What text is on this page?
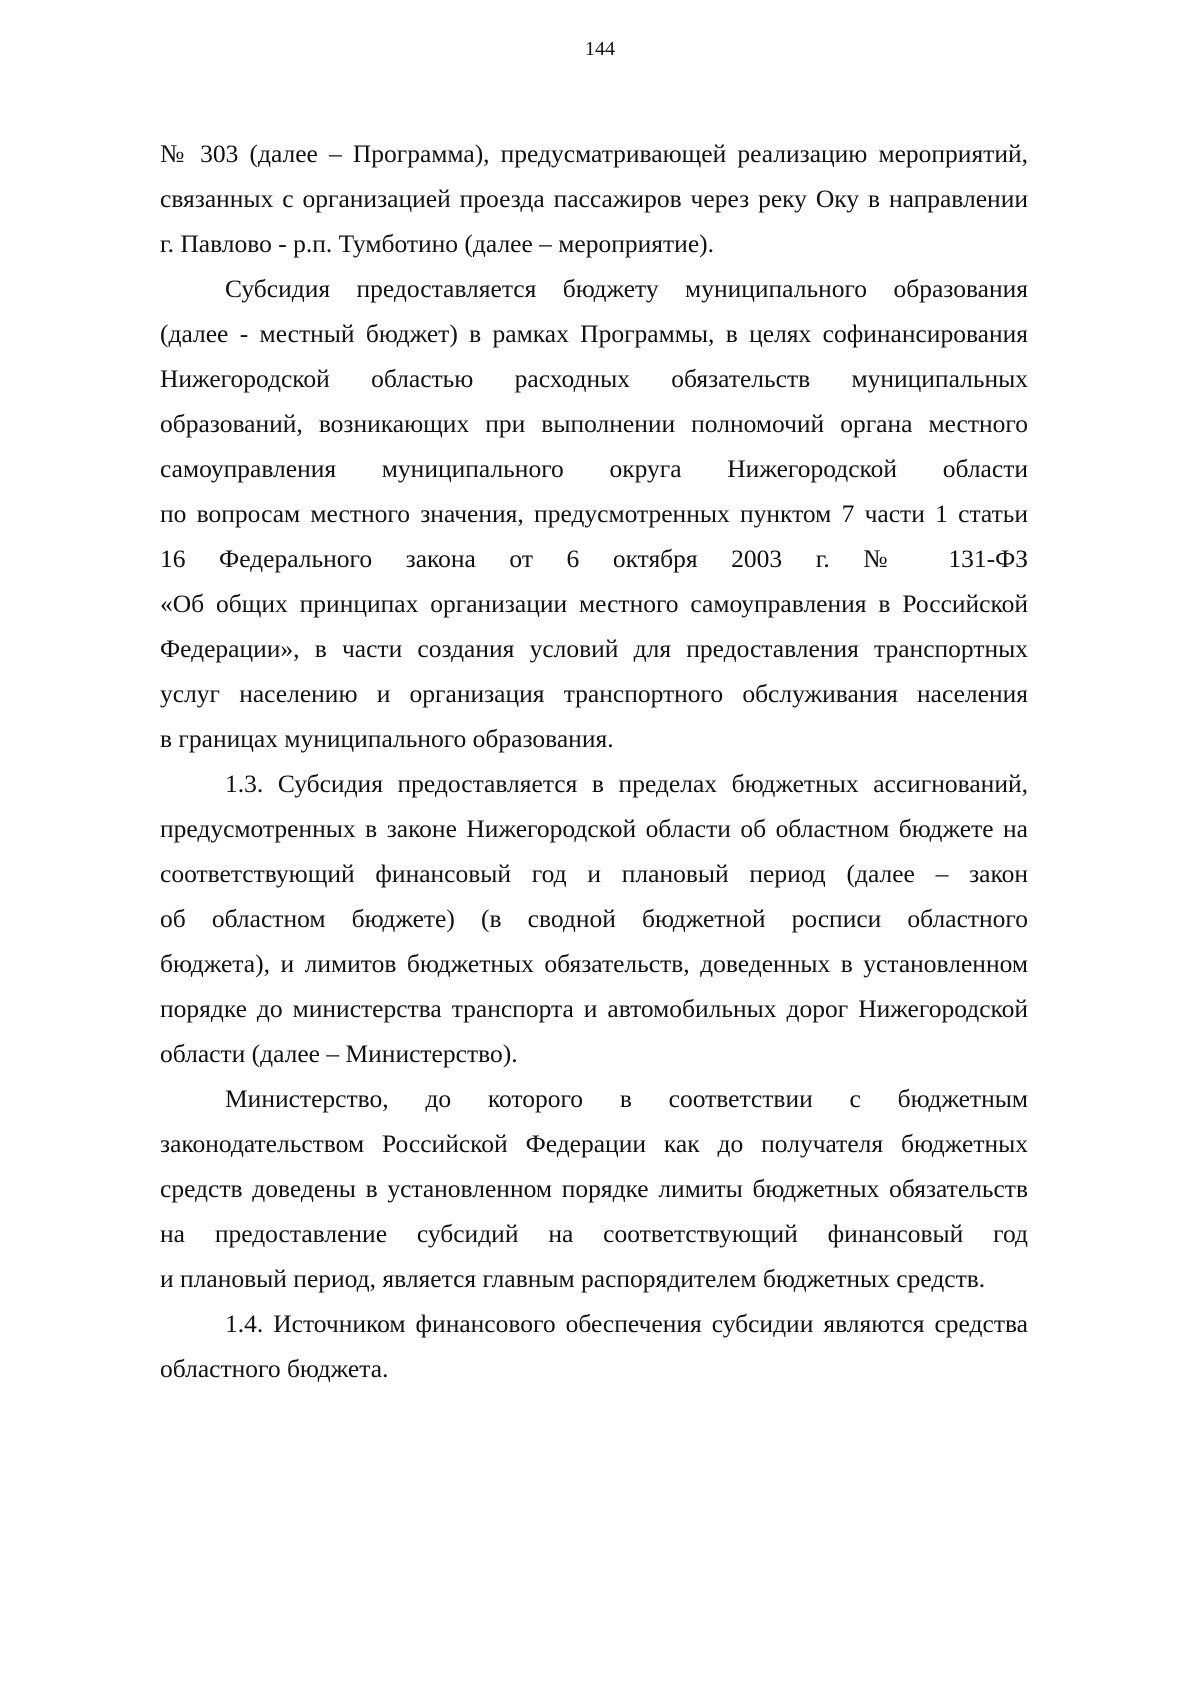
144
№ 303 (далее – Программа), предусматривающей реализацию мероприятий,
связанных с организацией проезда пассажиров через реку Оку в направлении
г. Павлово - р.п. Тумботино (далее – мероприятие).
Субсидия предоставляется бюджету муниципального образования
(далее - местный бюджет) в рамках Программы, в целях софинансирования
Нижегородской областью расходных обязательств муниципальных
образований, возникающих при выполнении полномочий органа местного
самоуправления муниципального округа Нижегородской области
по вопросам местного значения, предусмотренных пунктом 7 части 1 статьи
16 Федерального закона от 6 октября 2003 г. № 131-ФЗ
«Об общих принципах организации местного самоуправления в Российской
Федерации», в части создания условий для предоставления транспортных
услуг населению и организация транспортного обслуживания населения
в границах муниципального образования.
1.3. Субсидия предоставляется в пределах бюджетных ассигнований,
предусмотренных в законе Нижегородской области об областном бюджете на
соответствующий финансовый год и плановый период (далее – закон
об областном бюджете) (в сводной бюджетной росписи областного
бюджета), и лимитов бюджетных обязательств, доведенных в установленном
порядке до министерства транспорта и автомобильных дорог Нижегородской
области (далее – Министерство).
Министерство, до которого в соответствии с бюджетным
законодательством Российской Федерации как до получателя бюджетных
средств доведены в установленном порядке лимиты бюджетных обязательств
на предоставление субсидий на соответствующий финансовый год
и плановый период, является главным распорядителем бюджетных средств.
1.4. Источником финансового обеспечения субсидии являются средства
областного бюджета.
